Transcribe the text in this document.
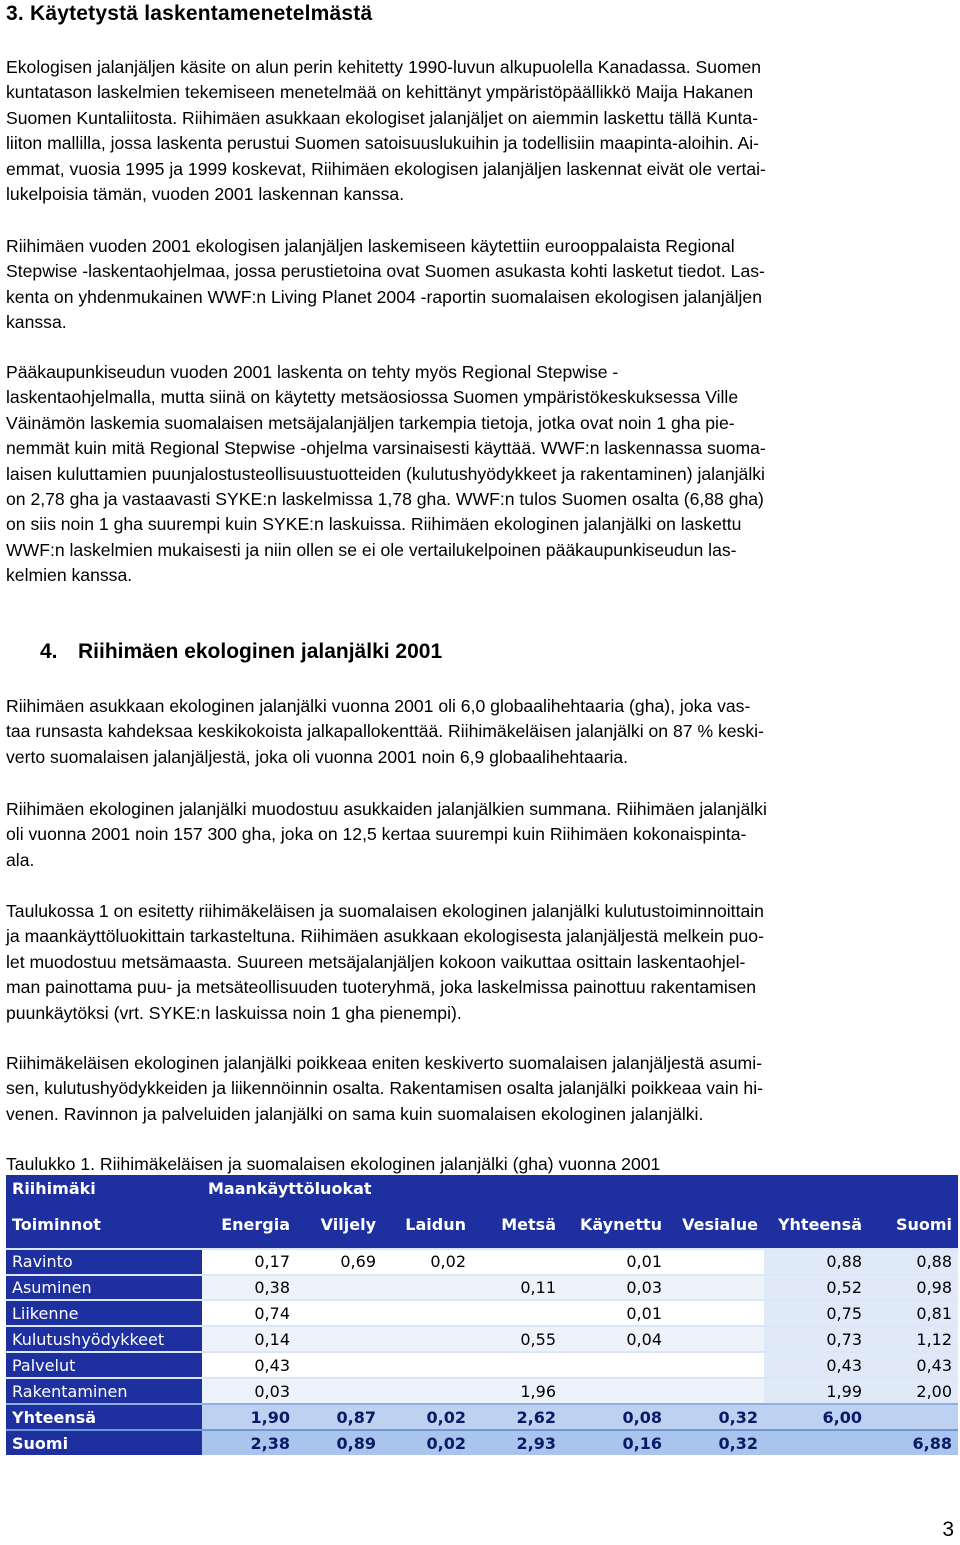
3. Käytetystä laskentamenetelmästä
Ekologisen jalanjäljen käsite on alun perin kehitetty 1990-luvun alkupuolella Kanadassa. Suomen
kuntatason laskelmien tekemiseen menetelmää on kehittänyt ympäristöpäällikkö Maija Hakanen
Suomen Kuntaliitosta. Riihimäen asukkaan ekologiset jalanjäljet on aiemmin laskettu tällä Kunta-
liiton mallilla, jossa laskenta perustui Suomen satoisuuslukuihin ja todellisiin maapinta-aloihin. Ai-
emmat, vuosia 1995 ja 1999 koskevat, Riihimäen ekologisen jalanjäljen laskennat eivät ole vertai-
lukelpoisia tämän, vuoden 2001 laskennan kanssa.
Riihimäen vuoden 2001 ekologisen jalanjäljen laskemiseen käytettiin eurooppalaista Regional
Stepwise -laskentaohjelmaa, jossa perustietoina ovat Suomen asukasta kohti lasketut tiedot. Las-
kenta on yhdenmukainen WWF:n Living Planet 2004 -raportin suomalaisen ekologisen jalanjäljen
kanssa.
Pääkaupunkiseudun vuoden 2001 laskenta on tehty myös Regional Stepwise -
laskentaohjelmalla, mutta siinä on käytetty metsäosiossa Suomen ympäristökeskuksessa Ville
Väinämön laskemia suomalaisen metsäjalanjäljen tarkempia tietoja, jotka ovat noin 1 gha pie-
nemmät kuin mitä Regional Stepwise -ohjelma varsinaisesti käyttää. WWF:n laskennassa suoma-
laisen kuluttamien puunjalostusteollisuustuotteiden (kulutushyödykkeet ja rakentaminen) jalanjälki
on 2,78 gha ja vastaavasti SYKE:n laskelmissa 1,78 gha. WWF:n tulos Suomen osalta (6,88 gha)
on siis noin 1 gha suurempi kuin SYKE:n laskuissa. Riihimäen ekologinen jalanjälki on laskettu
WWF:n laskelmien mukaisesti ja niin ollen se ei ole vertailukelpoinen pääkaupunkiseudun las-
kelmien kanssa.
4. Riihimäen ekologinen jalanjälki 2001
Riihimäen asukkaan ekologinen jalanjälki vuonna 2001 oli 6,0 globaalihehtaaria (gha), joka vas-
taa runsasta kahdeksaa keskikokoista jalkapallokenttää. Riihimäkeläisen jalanjälki on 87 % keski-
verto suomalaisen jalanjäljestä, joka oli vuonna 2001 noin 6,9 globaalihehtaaria.
Riihimäen ekologinen jalanjälki muodostuu asukkaiden jalanjälkien summana. Riihimäen jalanjälki
oli vuonna 2001 noin 157 300 gha, joka on 12,5 kertaa suurempi kuin Riihimäen kokonaispinta-
ala.
Taulukossa 1 on esitetty riihimäkeläisen ja suomalaisen ekologinen jalanjälki kulutustoiminnoittain
ja maankäyttöluokittain tarkasteltuna. Riihimäen asukkaan ekologisesta jalanjäljestä melkein puo-
let muodostuu metsämaasta. Suureen metsäjalanjäljen kokoon vaikuttaa osittain laskentaohjel-
man painottama puu- ja metsäteollisuuden tuoteryhmä, joka laskelmissa painottuu rakentamisen
puunkäytöksi (vrt. SYKE:n laskuissa noin 1 gha pienempi).
Riihimäkeläisen ekologinen jalanjälki poikkeaa eniten keskiverto suomalaisen jalanjäljestä asumi-
sen, kulutushyödykkeiden ja liikennöinnin osalta. Rakentamisen osalta jalanjälki poikkeaa vain hi-
venen. Ravinnon ja palveluiden jalanjälki on sama kuin suomalaisen ekologinen jalanjälki.
Taulukko 1. Riihimäkeläisen ja suomalaisen ekologinen jalanjälki (gha) vuonna 2001
Riihimäki	Maankäyttöluokat							
Toiminnot	Energia	Viljely	Laidun	Metsä	Käynettu	Vesialue	Yhteensä	Suomi
Ravinto	0,17	0,69	0,02		0,01		0,88	0,88
Asuminen	0,38			0,11	0,03		0,52	0,98
Liikenne	0,74				0,01		0,75	0,81
Kulutushyödykkeet	0,14			0,55	0,04		0,73	1,12
Palvelut	0,43						0,43	0,43
Rakentaminen	0,03			1,96			1,99	2,00
Yhteensä	1,90	0,87	0,02	2,62	0,08	0,32	6,00	
Suomi	2,38	0,89	0,02	2,93	0,16	0,32		6,88
3
